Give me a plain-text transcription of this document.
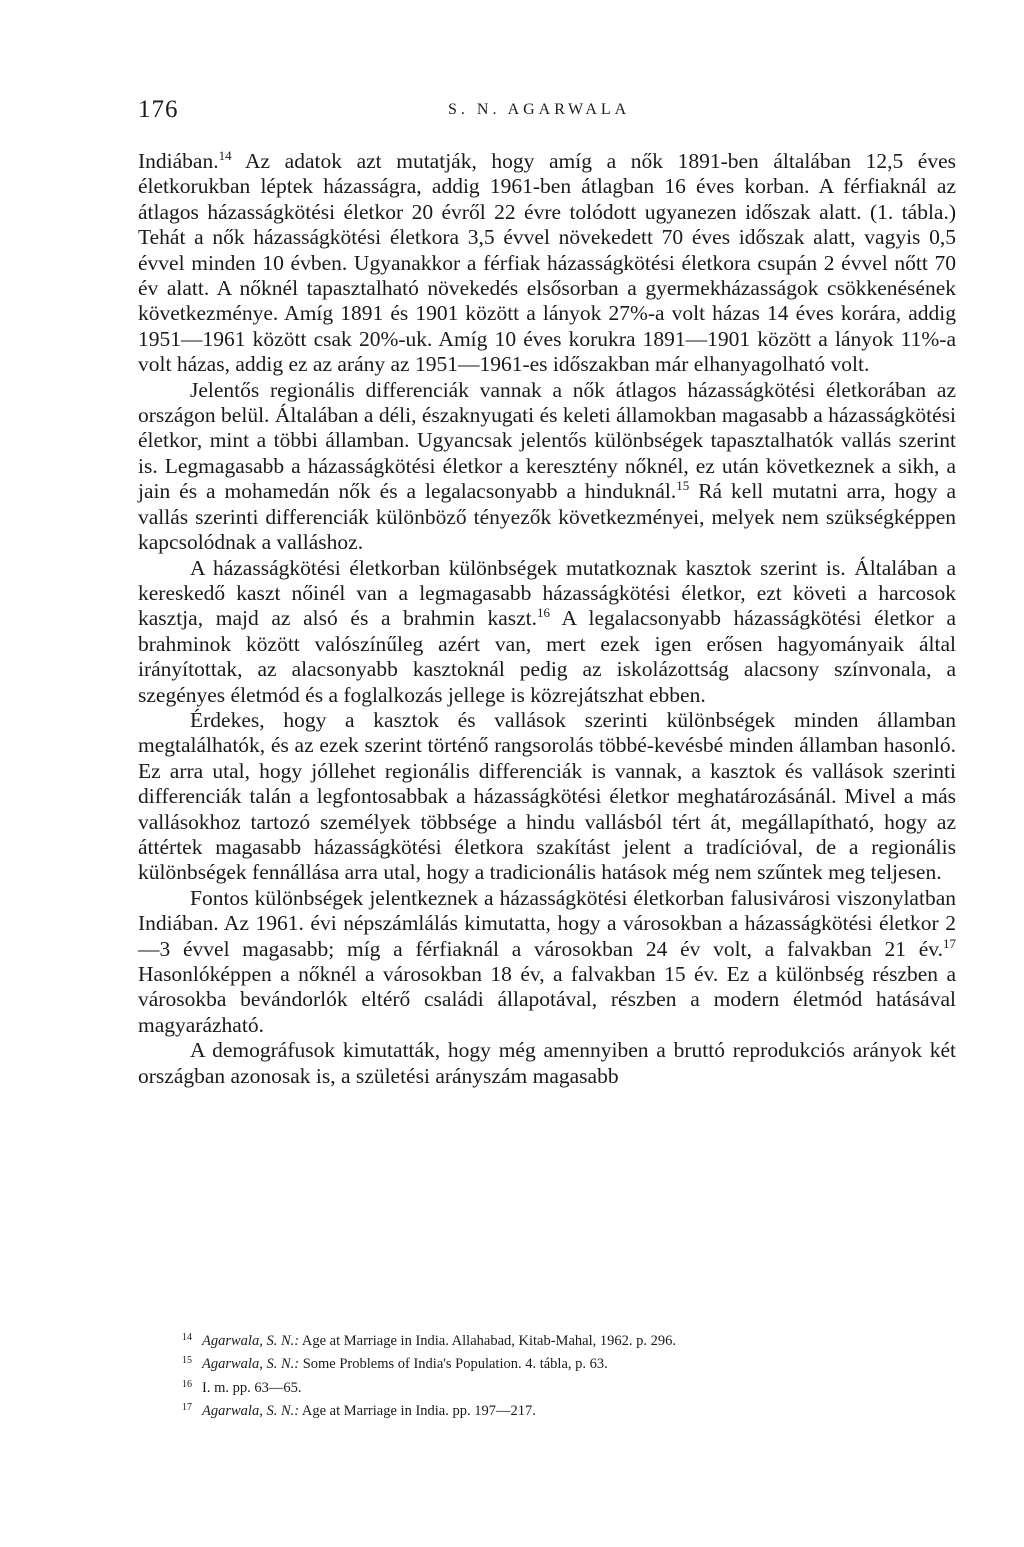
176	S. N. AGARWALA

Indiában.$^{14}$ Az adatok azt mutatják, hogy amíg a nők 1891-ben általában 12,5 éves életkorukban léptek házasságra, addig 1961-ben átlagban 16 éves korban. A férfiaknál az átlagos házasságkötési életkor 20 évről 22 évre tolódott ugyanezen időszak alatt. (1. tábla.) Tehát a nők házasságkötési életkora 3,5 évvel növekedett 70 éves időszak alatt, vagyis 0,5 évvel minden 10 évben. Ugyanakkor a férfiak házasságkötési életkora csupán 2 évvel nőtt 70 év alatt. A nőknél tapasztalható növekedés elsősorban a gyermekházasságok csökkenésének következménye. Amíg 1891 és 1901 között a lányok 27%-a volt házas 14 éves korára, addig 1951—1961 között csak 20%-uk. Amíg 10 éves korukra 1891—1901 között a lányok 11%-a volt házas, addig ez az arány az 1951—1961-es időszakban már elhanyagolható volt.

Jelentős regionális differenciák vannak a nők átlagos házasságkötési életkorában az országon belül. Általában a déli, északnyugati és keleti államokban magasabb a házasságkötési életkor, mint a többi államban. Ugyancsak jelentős különbségek tapasztalhatók vallás szerint is. Legmagasabb a házasságkötési életkor a keresztény nőknél, ez után következnek a sikh, a jain és a mohamedán nők és a legalacsonyabb a hinduknál.$^{15}$ Rá kell mutatni arra, hogy a vallás szerinti differenciák különböző tényezők következményei, melyek nem szükségképpen kapcsolódnak a valláshoz.

A házasságkötési életkorban különbségek mutatkoznak kasztok szerint is. Általában a kereskedő kaszt nőinél van a legmagasabb házasságkötési életkor, ezt követi a harcosok kasztja, majd az alsó és a brahmin kaszt.$^{16}$ A legalacsonyabb házasságkötési életkor a brahminok között valószínűleg azért van, mert ezek igen erősen hagyományaik által irányítottak, az alacsonyabb kasztoknál pedig az iskolázottság alacsony színvonala, a szegényes életmód és a foglalkozás jellege is közrejátszhat ebben.

Érdekes, hogy a kasztok és vallások szerinti különbségek minden államban megtalálhatók, és az ezek szerint történő rangsorolás többé-kevésbé minden államban hasonló. Ez arra utal, hogy jóllehet regionális differenciák is vannak, a kasztok és vallások szerinti differenciák talán a legfontosabbak a házasságkötési életkor meghatározásánál. Mivel a más vallásokhoz tartozó személyek többsége a hindu vallásból tért át, megállapítható, hogy az áttértek magasabb házasságkötési életkora szakítást jelent a tradícióval, de a regionális különbségek fennállása arra utal, hogy a tradicionális hatások még nem szűntek meg teljesen.

Fontos különbségek jelentkeznek a házasságkötési életkorban falusivárosi viszonylatban Indiában. Az 1961. évi népszámlálás kimutatta, hogy a városokban a házasságkötési életkor 2—3 évvel magasabb; míg a férfiaknál a városokban 24 év volt, a falvakban 21 év.$^{17}$ Hasonlóképpen a nőknél a városokban 18 év, a falvakban 15 év. Ez a különbség részben a városokba bevándorlók eltérő családi állapotával, részben a modern életmód hatásával magyarázható.

A demográfusok kimutatták, hogy még amennyiben a bruttó reprodukciós arányok két országban azonosak is, a születési arányszám magasabb

14 Agarwala, S. N.: Age at Marriage in India. Allahabad, Kitab-Mahal, 1962. p. 296.
15 Agarwala, S. N.: Some Problems of India's Population. 4. tábla, p. 63.
16 I. m. pp. 63—65.
17 Agarwala, S. N.: Age at Marriage in India. pp. 197—217.
